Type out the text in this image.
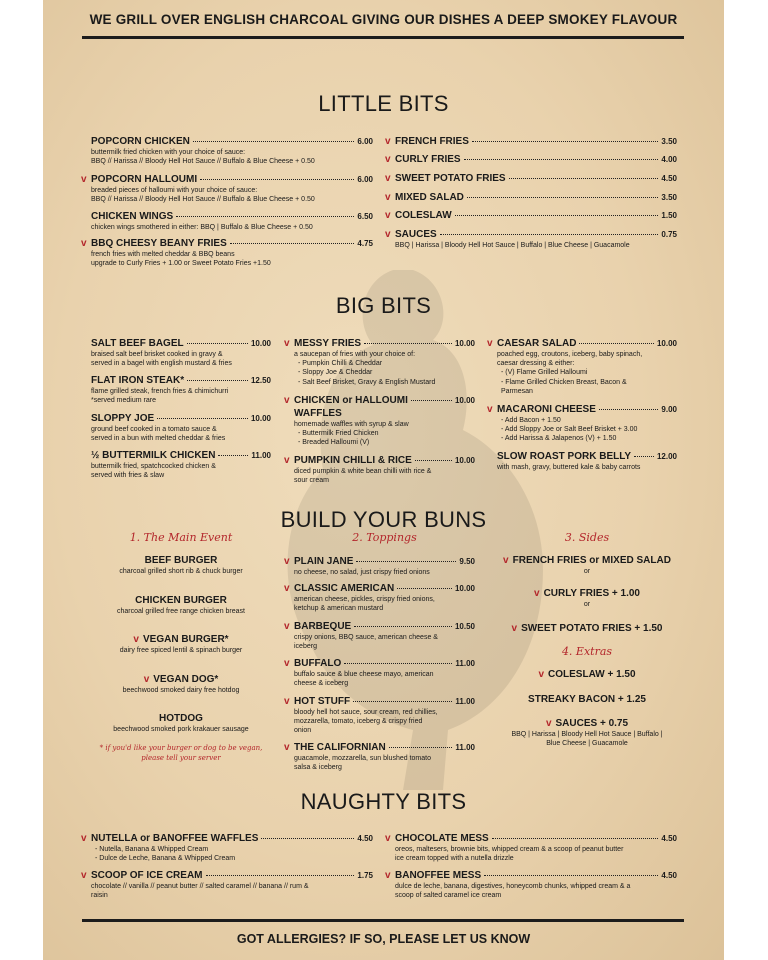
WE GRILL OVER ENGLISH CHARCOAL GIVING OUR DISHES A DEEP SMOKEY FLAVOUR
LITTLE BITS
POPCORN CHICKEN	6.00
buttermilk fried chicken with your choice of sauce:
BBQ // Harissa // Bloody Hell Hot Sauce // Buffalo & Blue Cheese + 0.50
v POPCORN HALLOUMI	6.00
breaded pieces of halloumi with your choice of sauce:
BBQ // Harissa // Bloody Hell Hot Sauce // Buffalo & Blue Cheese + 0.50
CHICKEN WINGS	6.50
chicken wings smothered in either: BBQ | Buffalo & Blue Cheese + 0.50
v BBQ CHEESY BEANY FRIES	4.75
french fries with melted cheddar & BBQ beans
upgrade to Curly Fries + 1.00 or Sweet Potato Fries +1.50
v FRENCH FRIES	3.50
v CURLY FRIES	4.00
v SWEET POTATO FRIES	4.50
v MIXED SALAD	3.50
v COLESLAW	1.50
v SAUCES	0.75
BBQ | Harissa | Bloody Hell Hot Sauce | Buffalo | Blue Cheese | Guacamole
BIG BITS
SALT BEEF BAGEL	10.00
braised salt beef brisket cooked in gravy &
served in a bagel with english mustard & fries
FLAT IRON STEAK*	12.50
flame grilled steak, french fries & chimichurri
*served medium rare
SLOPPY JOE	10.00
ground beef cooked in a tomato sauce &
served in a bun with melted cheddar & fries
½ BUTTERMILK CHICKEN	11.00
buttermilk fried, spatchcocked chicken &
served with fries & slaw
v MESSY FRIES	10.00
a saucepan of fries with your choice of:
- Pumpkin Chilli & Cheddar
- Sloppy Joe & Cheddar
- Salt Beef Brisket, Gravy & English Mustard
v CHICKEN or HALLOUMI	10.00
WAFFLES
homemade waffles with syrup & slaw
- Buttermilk Fried Chicken
- Breaded Halloumi (V)
v PUMPKIN CHILLI & RICE	10.00
diced pumpkin & white bean chilli with rice &
sour cream
v CAESAR SALAD	10.00
poached egg, croutons, iceberg, baby spinach,
caesar dressing & either:
- (V) Flame Grilled Halloumi
- Flame Grilled Chicken Breast, Bacon &
Parmesan
v MACARONI CHEESE	9.00
- Add Bacon + 1.50
- Add Sloppy Joe or Salt Beef Brisket + 3.00
- Add Harissa & Jalapenos (V) + 1.50
SLOW ROAST PORK BELLY	12.00
with mash, gravy, buttered kale & baby carrots
BUILD YOUR BUNS
1. The Main Event	2. Toppings	3. Sides
BEEF BURGER
charcoal grilled short rib & chuck burger
CHICKEN BURGER
charcoal grilled free range chicken breast
v VEGAN BURGER*
dairy free spiced lentil & spinach burger
v VEGAN DOG*
beechwood smoked dairy free hotdog
HOTDOG
beechwood smoked pork krakauer sausage
* if you'd like your burger or dog to be vegan,
please tell your server
v PLAIN JANE	9.50
no cheese, no salad, just crispy fried onions
v CLASSIC AMERICAN	10.00
american cheese, pickles, crispy fried onions,
ketchup & american mustard
v BARBEQUE	10.50
crispy onions, BBQ sauce, american cheese &
iceberg
v BUFFALO	11.00
buffalo sauce & blue cheese mayo, american
cheese & iceberg
v HOT STUFF	11.00
bloody hell hot sauce, sour cream, red chillies,
mozzarella, tomato, iceberg & crispy fried
onion
v THE CALIFORNIAN	11.00
guacamole, mozzarella, sun blushed tomato
salsa & iceberg
v FRENCH FRIES or MIXED SALAD
or
v CURLY FRIES + 1.00
or
v SWEET POTATO FRIES + 1.50
4. Extras
v COLESLAW + 1.50
STREAKY BACON + 1.25
v SAUCES + 0.75
BBQ | Harissa | Bloody Hell Hot Sauce | Buffalo |
Blue Cheese | Guacamole
NAUGHTY BITS
v NUTELLA or BANOFFEE WAFFLES	4.50
- Nutella, Banana & Whipped Cream
- Dulce de Leche, Banana & Whipped Cream
v SCOOP OF ICE CREAM	1.75
chocolate // vanilla // peanut butter // salted caramel // banana // rum &
raisin
v CHOCOLATE MESS	4.50
oreos, maltesers, brownie bits, whipped cream & a scoop of peanut butter
ice cream topped with a nutella drizzle
v BANOFFEE MESS	4.50
dulce de leche, banana, digestives, honeycomb chunks, whipped cream & a
scoop of salted caramel ice cream
GOT ALLERGIES? IF SO, PLEASE LET US KNOW
